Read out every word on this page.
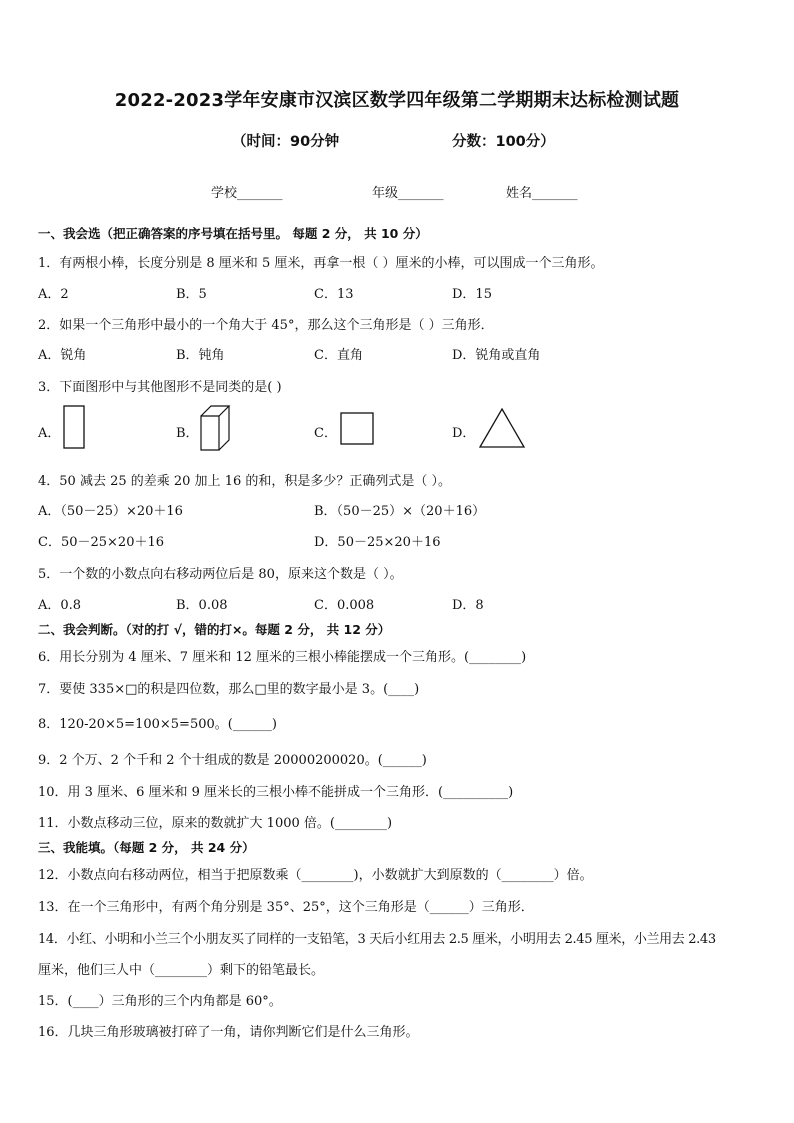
2022-2023学年安康市汉滨区数学四年级第二学期期末达标检测试题
（时间：90分钟	分数：100分）
学校_______	年级_______	姓名_______
一、我会选（把正确答案的序号填在括号里。 每题 2 分， 共 10 分）
1．有两根小棒，长度分别是 8 厘米和 5 厘米，再拿一根（ ）厘米的小棒，可以围成一个三角形。
A．2	B．5	C．13	D．15
2．如果一个三角形中最小的一个角大于 45°，那么这个三角形是（ ）三角形．
A．锐角	B．钝角	C．直角	D．锐角或直角
3．下面图形中与其他图形不是同类的是( )
A．	B．	C．	D．
4．50 减去 25 的差乘 20 加上 16 的和，积是多少？正确列式是（ ）。
A．（50－25）×20＋16	B．（50－25）×（20＋16）
C．50－25×20＋16	D．50－25×20＋16
5．一个数的小数点向右移动两位后是 80，原来这个数是（ ）。
A．0.8	B．0.08	C．0.008	D．8
二、我会判断。（对的打 √，错的打×。每题 2 分， 共 12 分）
6．用长分别为 4 厘米、7 厘米和 12 厘米的三根小棒能摆成一个三角形。(________)
7．要使 335×□的积是四位数，那么□里的数字最小是 3。(____)
8．120-20×5=100×5=500。(______)
9．2 个万、2 个千和 2 个十组成的数是 20000200020。(______)
10．用 3 厘米、6 厘米和 9 厘米长的三根小棒不能拼成一个三角形．(__________)
11．小数点移动三位，原来的数就扩大 1000 倍。(________)
三、我能填。（每题 2 分， 共 24 分）
12．小数点向右移动两位，相当于把原数乘（________)，小数就扩大到原数的（________）倍。
13．在一个三角形中，有两个角分别是 35°、25°，这个三角形是（______）三角形．
14．小红、小明和小兰三个小朋友买了同样的一支铅笔，3 天后小红用去 2.5 厘米，小明用去 2.45 厘米，小兰用去 2.43
厘米，他们三人中（________）剩下的铅笔最长。
15．(____）三角形的三个内角都是 60°。
16．几块三角形玻璃被打碎了一角，请你判断它们是什么三角形。
